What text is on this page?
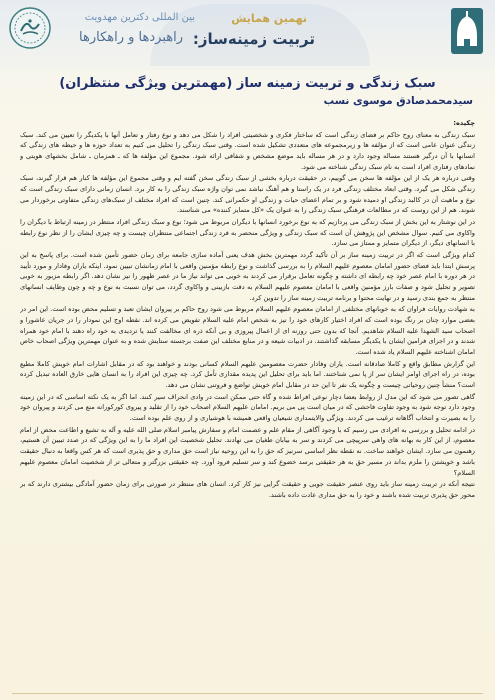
نهمین همایش
بین المللی دکترین مهدویت
تربیت زمینه‌ساز:
راهبردها و راهکارها
سبک زندگی و تربیت زمینه ساز (مهمترین ویژگی منتظران)
سیدمحمدصادق موسوی نسب

چکیده:

سبک زندگی به معنای روح حاکم بر فضای زندگی است که ساختار فکری و شخصیتی افراد را شکل می دهد و نوع رفتار و تعامل آنها با یکدیگر را تعیین می کند. سبک زندگی عنوان عامی است که از مؤلفه ها و زیرمجموعه های متعددی تشکیل شده است. وقتی سبک زندگی را تحلیل می کنیم به تعداد حوزه ها و حیطه های زندگی که انسانها با آن درگیر هستند مساله وجود دارد و در هر مساله باید موضع مشخص و شفافی ارائه شود. مجموع این مؤلفه ها که ـ همزمان ـ شامل بخشهای هویتی و نمادهای رفتاری افراد است به نام سبک زندگی شناخته می شود.

وقتی درباره هر یک از این مؤلفه ها سخن می گوییم، در حقیقت درباره بخشی از سبک زندگی سخن گفته ایم و وقتی مجموع این مؤلفه ها کنار هم قرار گیرند، سبک زندگی شکل می گیرد. وقتی ابعاد مختلف زندگی فرد در یک راستا و هم آهنگ نباشد نمی توان واژه سبک زندگی را به کار برد. انسان زمانی دارای سبک زندگی است که نوع و ماهیت آن در کالبد زندگی او دمیده شود و بر تمام اعضای حیات و زندگی او حکمرانی کند. چنین است که افراد مختلف از سبک‌های زندگی متفاوتی برخوردار می شوند. هم از این روست که در مطالعات فرهنگی سبک زندگی را به عنوان یک «کل متمایز کننده» می شناسند.

در این نوشتار به این بخش از سبک زندگی می پردازیم که به نوع برخورد انسانها با دیگران مربوط می شود؛ نوع و سبک زندگی افراد منتظر در زمینه ارتباط با دیگران را واکاوی می کنیم. سوال مشخص این پژوهش آن است که سبک زندگی و ویژگی منحصر به فرد زندگی اجتماعی منتظران چیست و چه چیزی ایشان را از نظر نوع رابطه با انسانهای دیگر، از دیگران متمایز و ممتاز می سازد.

کدام ویژگی است که اگر در تربیت زمینه ساز بر آن تأکید گردد مهمترین بخش هدف یعنی آماده سازی جامعه برای زمان حضور تأمین شده است. برای پاسخ به این پرسش ابتدا باید فضای حضور امامان معصوم علیهم السلام را به بررسی گذاشت و نوع رابطه مؤمنین واقعی با امام زمانشان تبیین نمود. اینکه یاران وفادار و مورد تأیید در هر دوره با امام عصر خود چه رابطه ای داشته و چگونه تعامل برقرار می کردند به خوبی می تواند نیاز ما در عصر ظهور را نیز نشان دهد. اگر رابطه مزبور به خوبی تصویر و تحلیل شود و صفات بارز مؤمنین واقعی با امامان معصوم علیهم السلام به دقت بازبینی و واکاوی گردد، می توان نسبت به نوع و چه و چون وظایف انسانهای منتظر به جمع بندی رسید و در نهایت محتوا و برنامه تربیت زمینه ساز را تدوین کرد.

به شهادت روایات فراوان که به خوبانهای مختلفی از امامان معصوم علیهم السلام مربوط می شود روح حاکم بر پیروان ایشان تعبد و تسلیم محض بوده است. این امر در بعضی موارد چنان بر رنگ بوده است که افراد اختیار کارهای خود را نیز به شخص امام علیه السلام تفویض می کرده اند. نقطه اوج این نمودار را در جریان عاشورا و اصحاب سید الشهدا علیه السلام شاهدیم. آنجا که بدون حتی روزنه ای از اعمال پیروزی و بی آنکه ذره ای مخالفت کنند یا تردیدی به خود راه دهند با امام خود همراه شدند و در اجرای فرامین ایشان با یکدیگر مسابقه گذاشتند. در ادبیات شیعه و در منابع مختلف این صفت برجسته ستایش شده و به عنوان مهمترین ویژگی اصحاب خاص امامان اشناخته علیهم السلام یاد شده است.

این گزارش مطابق واقع و کاملا صادقانه است. یاران وفادار حضرت معصومین علیهم السلام کسانی بودند و خواهند بود که در مقابل اشارات امام خویش کاملا مطیع بوده، در راه اجرای اوامر ایشان سر از پا نمی شناختند. اما باید برای تحلیل این پدیده مقداری تأمل کرد. چه چیزی این افراد را به انسان هایی خارق العاده تبدیل کرده است؟ منشأ چنین روحیاتی چیست و چگونه یک نفر تا این حد در مقابل امام خویش تواضع و فروتنی نشان می دهد.

گاهی تصور می شود که این مدل از روابط بعضا دچار نوعی افراط شده و گاه حتی ممکن است در وادی انحراف سیر کنند. اما اگر به یک نکته اساسی که در این زمینه وجود دارد توجه شود به وجود تفاوت فاحشی که در میان است پی می بریم. امامان علیهم السلام اصحاب خود را از تقلید و پیروی کورکورانه منع می کردند و پیروان خود را به بصیرت و انتخاب آگاهانه ترغیب می کردند. ویژگی والایتمداری شیعیان واقعی همیشه با هوشیاری و از روی علم بوده است.

در ادامه تحلیل و بررسی به افرادی می رسیم که با وجود آگاهی از مقام علم و عصمت امام و سفارش پیامبر اسلام صلی الله علیه و آله به تشیع و اطاعت محض از امام معصوم، از این کار به بهانه های واهی سرپیچی می کردند و سر به بیابان طغیان می نهادند. تحلیل شخصیت این افراد ما را به این ویژگی که در صدد تبیین آن هستیم، رهنمون می سازد. ایشان خواهند ساخت. نه نقطه نظر اساسی سرنیز که حق را به این روحیه نیاز است حق مداری و حق پذیری است که هر کس واقعا به دنبال حقیقت باشد و خویشتن را ملزم بداند در مسیر حق به هر حقیقتی برسد خضوع کند و سر تسلیم فرود آورد. چه حقیقتی بزرگتر و متعالی تر از شخصیت امامان معصوم علیهم السلام؟

نتیجه آنکه در تربیت زمینه ساز باید روی عنصر حقیقت جویی و حقیقت گرایی نیز کار کرد. انسان های منتظر در صورتی برای زمان حضور آمادگی بیشتری دارند که بر محور حق پذیری تربیت شده باشند و خود را به حق مداری عادت داده باشند.
